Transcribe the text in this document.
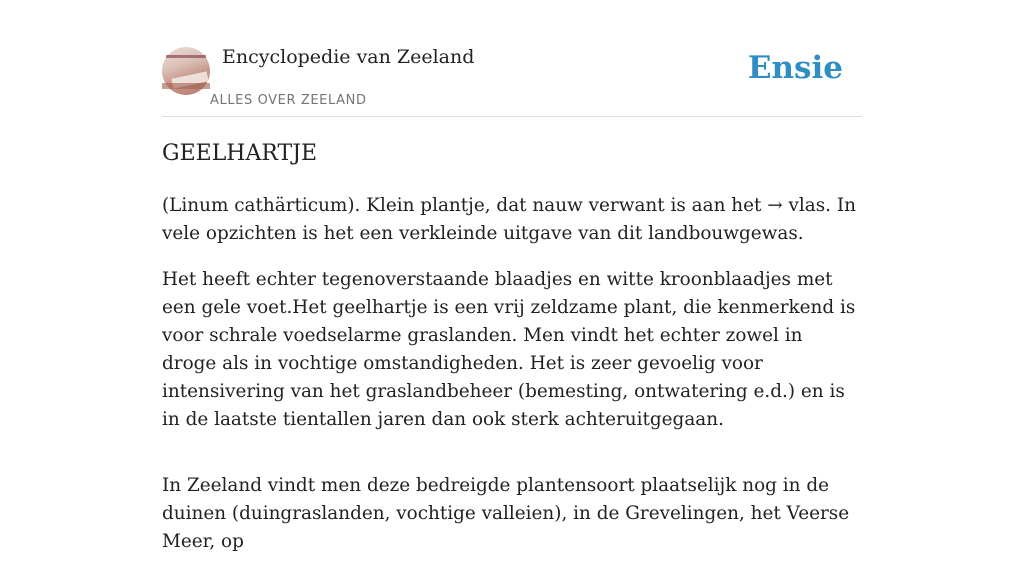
Encyclopedie van Zeeland
ALLES OVER ZEELAND
Ensie
GEELHARTJE

(Linum cathärticum). Klein plantje, dat nauw verwant is aan het → vlas. In vele opzichten is het een verkleinde uitgave van dit landbouwgewas.

Het heeft echter tegenoverstaande blaadjes en witte kroonblaadjes met een gele voet.Het geelhartje is een vrij zeldzame plant, die kenmerkend is voor schrale voedselarme graslanden. Men vindt het echter zowel in droge als in vochtige omstandigheden. Het is zeer gevoelig voor intensivering van het graslandbeheer (bemesting, ontwatering e.d.) en is in de laatste tientallen jaren dan ook sterk achteruitgegaan.

In Zeeland vindt men deze bedreigde plantensoort plaatselijk nog in de duinen (duingraslanden, vochtige valleien), in de Grevelingen, het Veerse Meer, op
